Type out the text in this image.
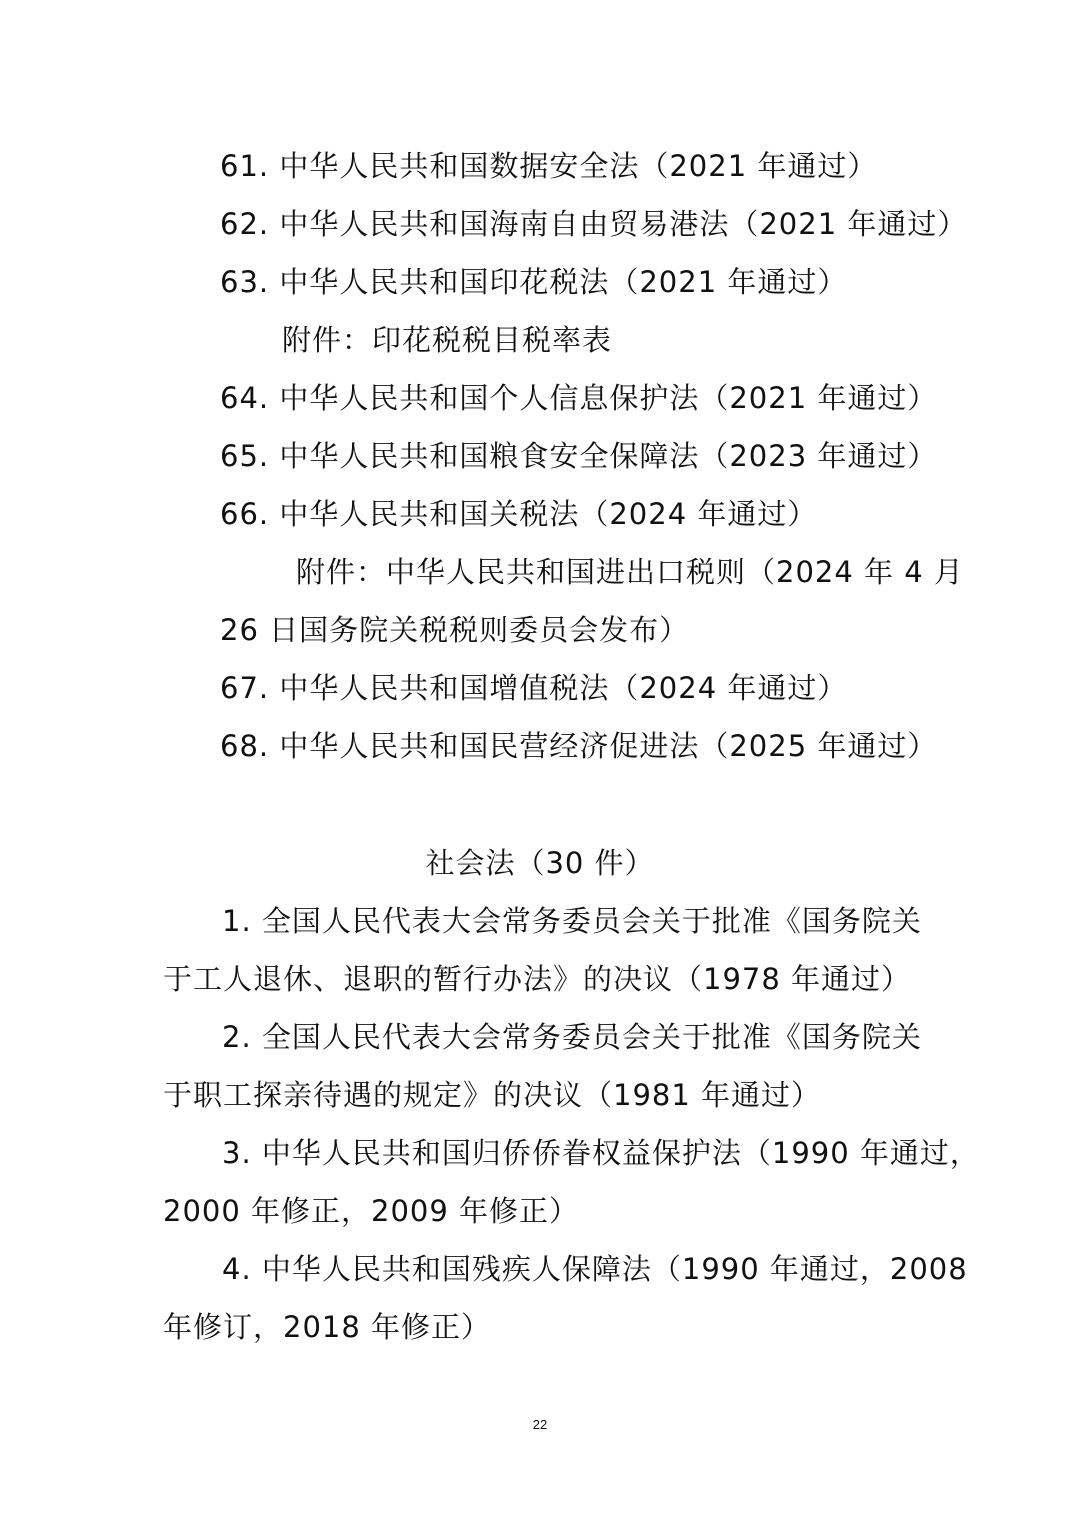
61. 中华人民共和国数据安全法（2021 年通过）
62. 中华人民共和国海南自由贸易港法（2021 年通过）
63. 中华人民共和国印花税法（2021 年通过）
附件：印花税税目税率表
64. 中华人民共和国个人信息保护法（2021 年通过）
65. 中华人民共和国粮食安全保障法（2023 年通过）
66. 中华人民共和国关税法（2024 年通过）
附件：中华人民共和国进出口税则（2024 年 4 月
26 日国务院关税税则委员会发布）
67. 中华人民共和国增值税法（2024 年通过）
68. 中华人民共和国民营经济促进法（2025 年通过）
社会法（30 件）
1. 全国人民代表大会常务委员会关于批准《国务院关
于工人退休、退职的暂行办法》的决议（1978 年通过）
2. 全国人民代表大会常务委员会关于批准《国务院关
于职工探亲待遇的规定》的决议（1981 年通过）
3. 中华人民共和国归侨侨眷权益保护法（1990 年通过，
2000 年修正，2009 年修正）
4. 中华人民共和国残疾人保障法（1990 年通过，2008
年修订，2018 年修正）
22
